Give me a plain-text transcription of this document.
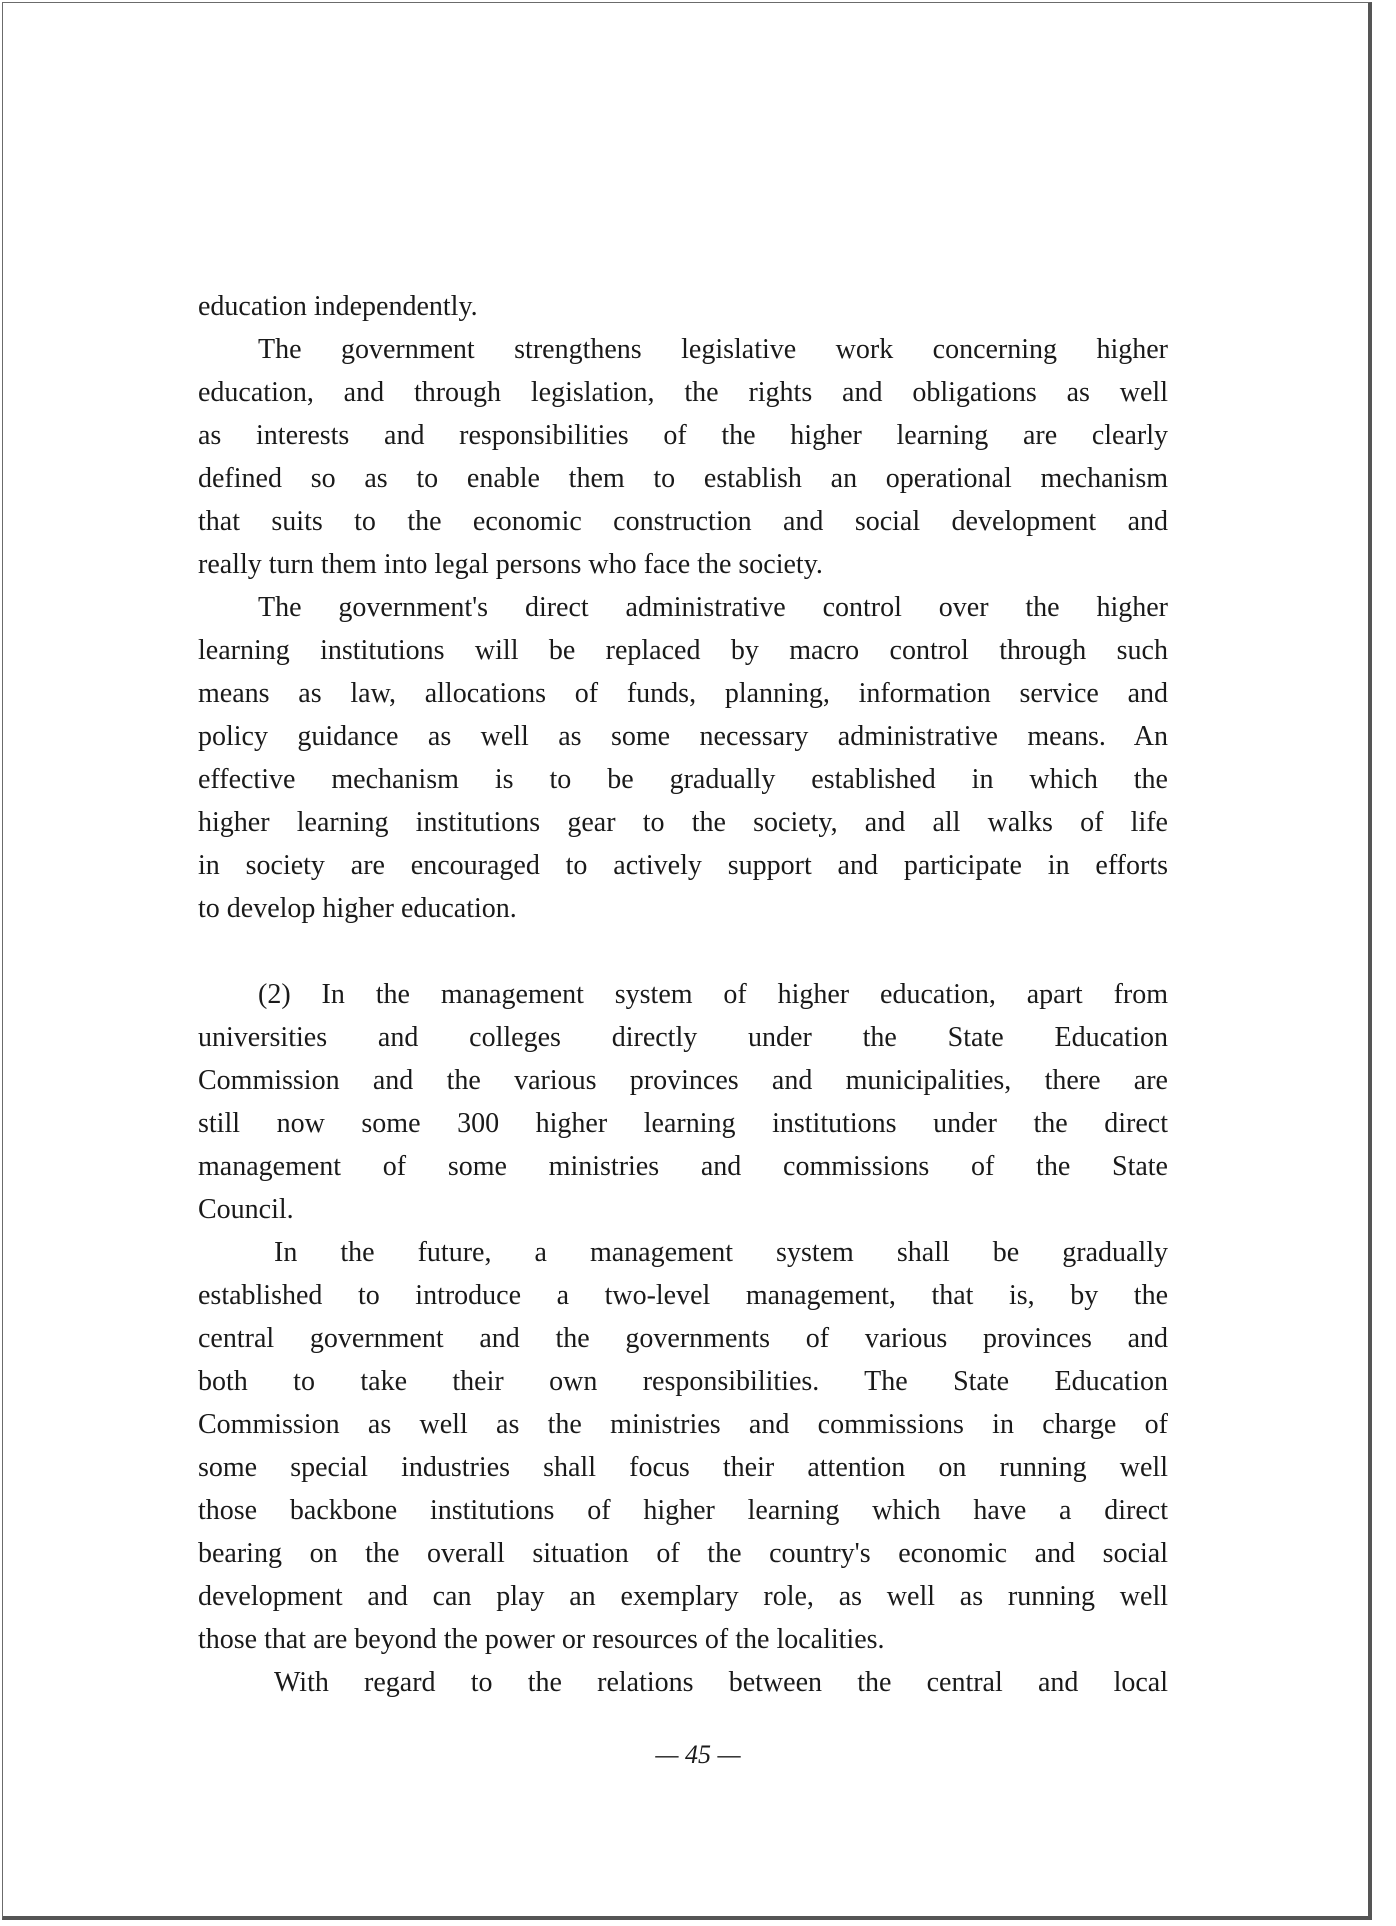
education independently.
The government strengthens legislative work concerning higher
education, and through legislation, the rights and obligations as well
as interests and responsibilities of the higher learning are clearly
defined so as to enable them to establish an operational mechanism
that suits to the economic construction and social development and
really turn them into legal persons who face the society.
The government's direct administrative control over the higher
learning institutions will be replaced by macro control through such
means as law, allocations of funds, planning, information service and
policy guidance as well as some necessary administrative means. An
effective mechanism is to be gradually established in which the
higher learning institutions gear to the society, and all walks of life
in society are encouraged to actively support and participate in efforts
to develop higher education.
(2) In the management system of higher education, apart from
universities and colleges directly under the State Education
Commission and the various provinces and municipalities, there are
still now some 300 higher learning institutions under the direct
management of some ministries and commissions of the State
Council.
In the future, a management system shall be gradually
established to introduce a two-level management, that is, by the
central government and the governments of various provinces and
both to take their own responsibilities. The State Education
Commission as well as the ministries and commissions in charge of
some special industries shall focus their attention on running well
those backbone institutions of higher learning which have a direct
bearing on the overall situation of the country's economic and social
development and can play an exemplary role, as well as running well
those that are beyond the power or resources of the localities.
With regard to the relations between the central and local
— 45 —
